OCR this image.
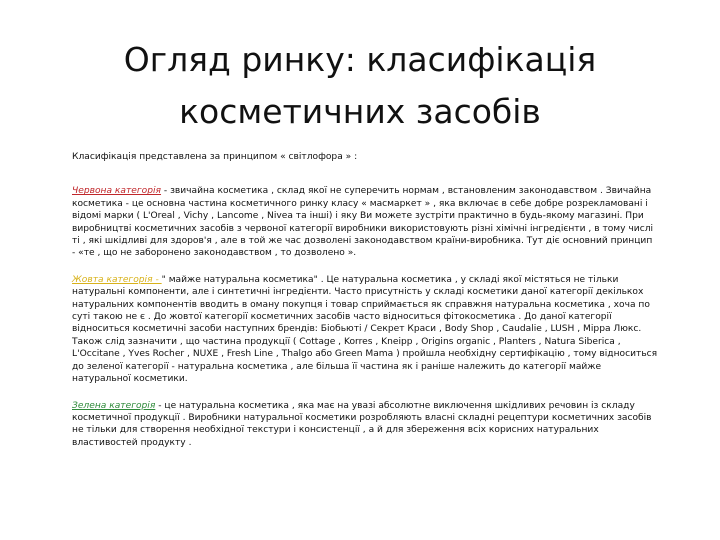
Огляд ринку: класифікація
косметичних засобів

Класифікація представлена за принципом « світлофора » :

Червона категорія - звичайна косметика , склад якої не суперечить нормам , встановленим законодавством . Звичайна косметика - це основна частина косметичного ринку класу « масмаркет » , яка включає в себе добре розрекламовані і відомі марки ( L'Oreal , Vichy , Lancome , Nivea та інші) і яку Ви можете зустріти практично в будь-якому магазині. При виробництві косметичних засобів з червоної категорії виробники використовують різні хімічні інгредієнти , в тому числі ті , які шкідливі для здоров'я , але в той же час дозволені законодавством країни-виробника. Тут діє основний принцип - «те , що не заборонено законодавством , то дозволено ».

Жовта категорія - " майже натуральна косметика" . Це натуральна косметика , у складі якої містяться не тільки натуральні компоненти, але і синтетичні інгредієнти. Часто присутність у складі косметики даної категорії декількох натуральних компонентів вводить в оману покупця і товар сприймається як справжня натуральна косметика , хоча по суті такою не є . До жовтої категорії косметичних засобів часто відноситься фітокосметика . До даної категорії відноситься косметичні засоби наступних брендів: Біобьюті / Секрет Краси , Body Shop , Caudalie , LUSH , Міррa Люкс. Також слід зазначити , що частина продукції ( Cottage , Korres , Kneipp , Origins organic , Planters , Natura Siberica , L'Occitane , Yves Rocher , NUXE , Fresh Line , Thalgo або Green Mama ) пройшла необхідну сертифікацію , тому відноситься до зеленої категорії - натуральна косметика , але більша її частина як і раніше належить до категорії майже натуральної косметики.

Зелена категорія - це натуральна косметика , яка має на увазі абсолютне виключення шкідливих речовин із складу косметичної продукції . Виробники натуральної косметики розробляють власні складні рецептури косметичних засобів не тільки для створення необхідної текстури і консистенції , а й для збереження всіх корисних натуральних властивостей продукту .
